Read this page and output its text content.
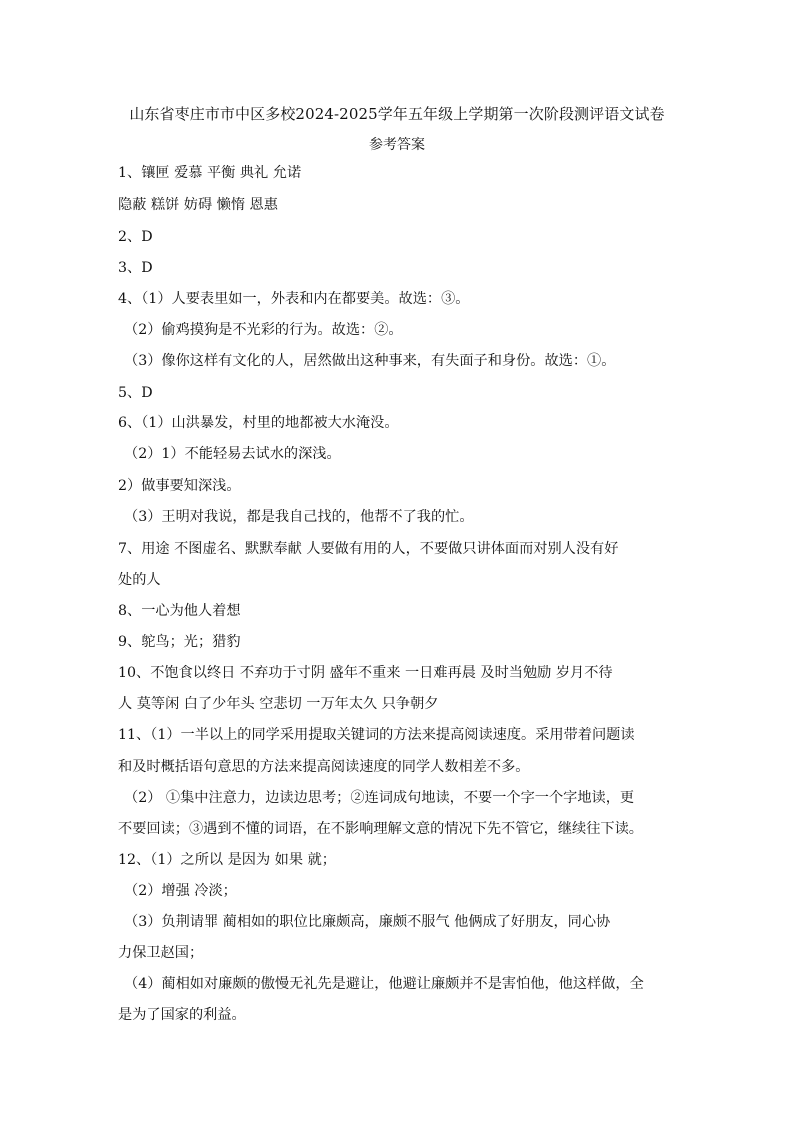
山东省枣庄市市中区多校2024-2025学年五年级上学期第一次阶段测评语文试卷
参考答案
1、镶匣 爱慕 平衡 典礼 允诺
隐蔽 糕饼 妨碍 懒惰 恩惠
2、D
3、D
4、（1）人要表里如一，外表和内在都要美。故选：③。
（2）偷鸡摸狗是不光彩的行为。故选：②。
（3）像你这样有文化的人，居然做出这种事来，有失面子和身份。故选：①。
5、D
6、（1）山洪暴发，村里的地都被大水淹没。
（2）1）不能轻易去试水的深浅。
2）做事要知深浅。
（3）王明对我说，都是我自己找的，他帮不了我的忙。
7、用途 不图虚名、默默奉献 人要做有用的人，不要做只讲体面而对别人没有好
处的人
8、一心为他人着想
9、鸵鸟；光；猎豹
10、不饱食以终日 不弃功于寸阴 盛年不重来 一日难再晨 及时当勉励 岁月不待
人 莫等闲 白了少年头 空悲切 一万年太久 只争朝夕
11、（1）一半以上的同学采用提取关键词的方法来提高阅读速度。采用带着问题读
和及时概括语句意思的方法来提高阅读速度的同学人数相差不多。
（2） ①集中注意力，边读边思考；②连词成句地读，不要一个字一个字地读，更
不要回读；③遇到不懂的词语，在不影响理解文意的情况下先不管它，继续往下读。
12、（1）之所以 是因为 如果 就；
（2）增强 冷淡；
（3）负荆请罪 蔺相如的职位比廉颇高，廉颇不服气 他俩成了好朋友，同心协
力保卫赵国；
（4）蔺相如对廉颇的傲慢无礼先是避让，他避让廉颇并不是害怕他，他这样做，全
是为了国家的利益。
